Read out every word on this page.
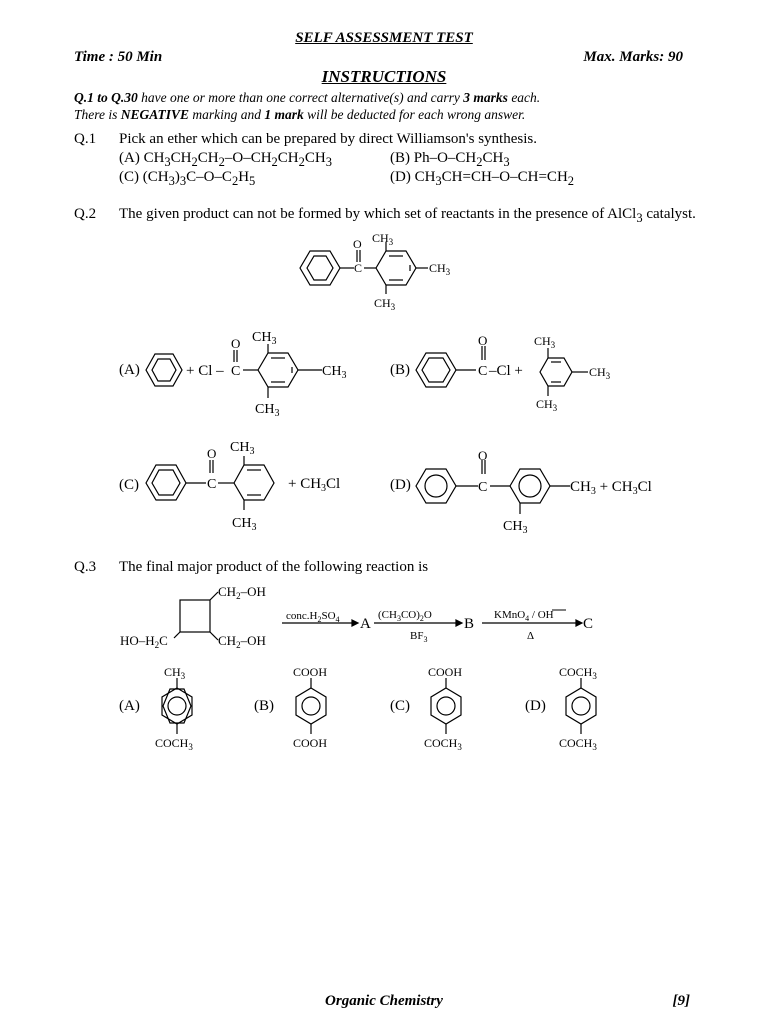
SELF ASSESSMENT TEST
Time : 50 Min	Max. Marks: 90
INSTRUCTIONS
Q.1 to Q.30 have one or more than one correct alternative(s) and carry 3 marks each.
There is NEGATIVE marking and 1 mark will be deducted for each wrong answer.
Q.1 Pick an ether which can be prepared by direct Williamson's synthesis.
(A) $CH_3CH_2CH_2-O-CH_2CH_2CH_3$	(B) $Ph-O-CH_2CH_3$
(C) $(CH_3)_3C-O-C_2H_5$	(D) $CH_3CH=CH-O-CH=CH_2$
Q.2 The given product can not be formed by which set of reactants in the presence of AlCl$_3$ catalyst.
O
C
$CH_3$
$CH_3$
$CH_3$
(A)	+ Cl –
O
C
$CH_3$
$CH_3$
$CH_3$
(B)
O
C –Cl +
$CH_3$
$CH_3$
$CH_3$
(C)
O
C
$CH_3$
$CH_3$
+ $CH_3Cl$	(D)
O
C	$CH_3 + CH_3Cl$
$CH_3$
Q.3 The final major product of the following reaction is
$CH_2-OH$
$CH_2-OH$
$HO-H_2C$
$conc.H_2SO_4$ A
$(CH_3CO)_2O$
$BF_3$
B
KMnO$_4$ / OH
Δ
C
(A)
$CH_3$
$COCH_3$
(B)
COOH
COOH
(C)
COOH
$COCH_3$
(D)
$COCH_3$
$COCH_3$
Organic Chemistry	[9]
